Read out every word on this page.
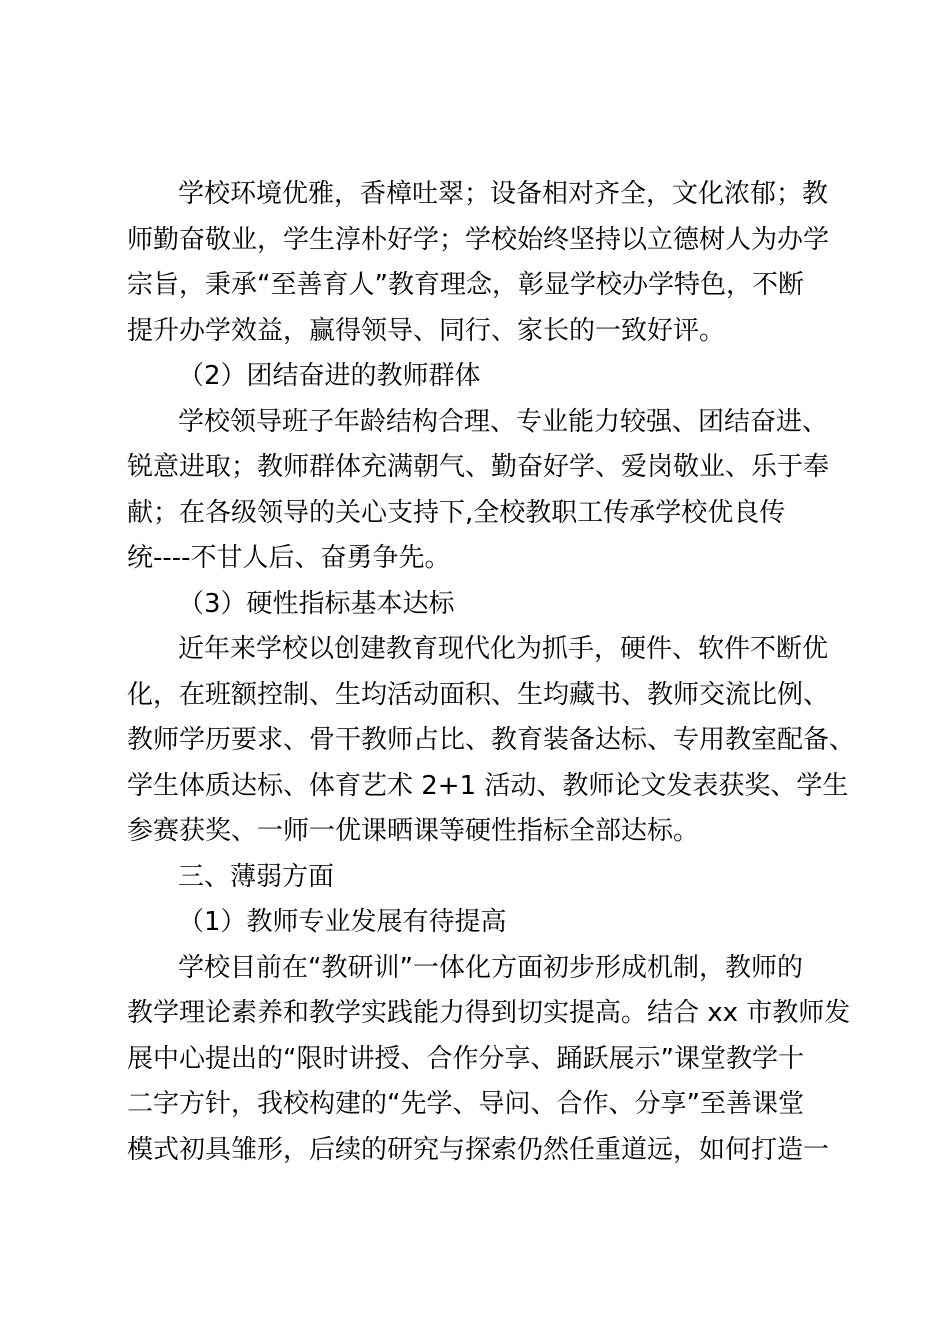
学校环境优雅，香樟吐翠；设备相对齐全，文化浓郁；教

师勤奋敬业，学生淳朴好学；学校始终坚持以立德树人为办学

宗旨，秉承“至善育人”教育理念，彰显学校办学特色，不断

提升办学效益，赢得领导、同行、家长的一致好评。

（2）团结奋进的教师群体

学校领导班子年龄结构合理、专业能力较强、团结奋进、

锐意进取；教师群体充满朝气、勤奋好学、爱岗敬业、乐于奉

献；在各级领导的关心支持下,全校教职工传承学校优良传

统----不甘人后、奋勇争先。

（3）硬性指标基本达标

近年来学校以创建教育现代化为抓手，硬件、软件不断优

化，在班额控制、生均活动面积、生均藏书、教师交流比例、

教师学历要求、骨干教师占比、教育装备达标、专用教室配备、

学生体质达标、体育艺术 2+1 活动、教师论文发表获奖、学生

参赛获奖、一师一优课晒课等硬性指标全部达标。

三、薄弱方面

（1）教师专业发展有待提高

学校目前在“教研训”一体化方面初步形成机制，教师的

教学理论素养和教学实践能力得到切实提高。结合 xx 市教师发

展中心提出的“限时讲授、合作分享、踊跃展示”课堂教学十

二字方针，我校构建的“先学、导问、合作、分享”至善课堂

模式初具雏形，后续的研究与探索仍然任重道远，如何打造一
